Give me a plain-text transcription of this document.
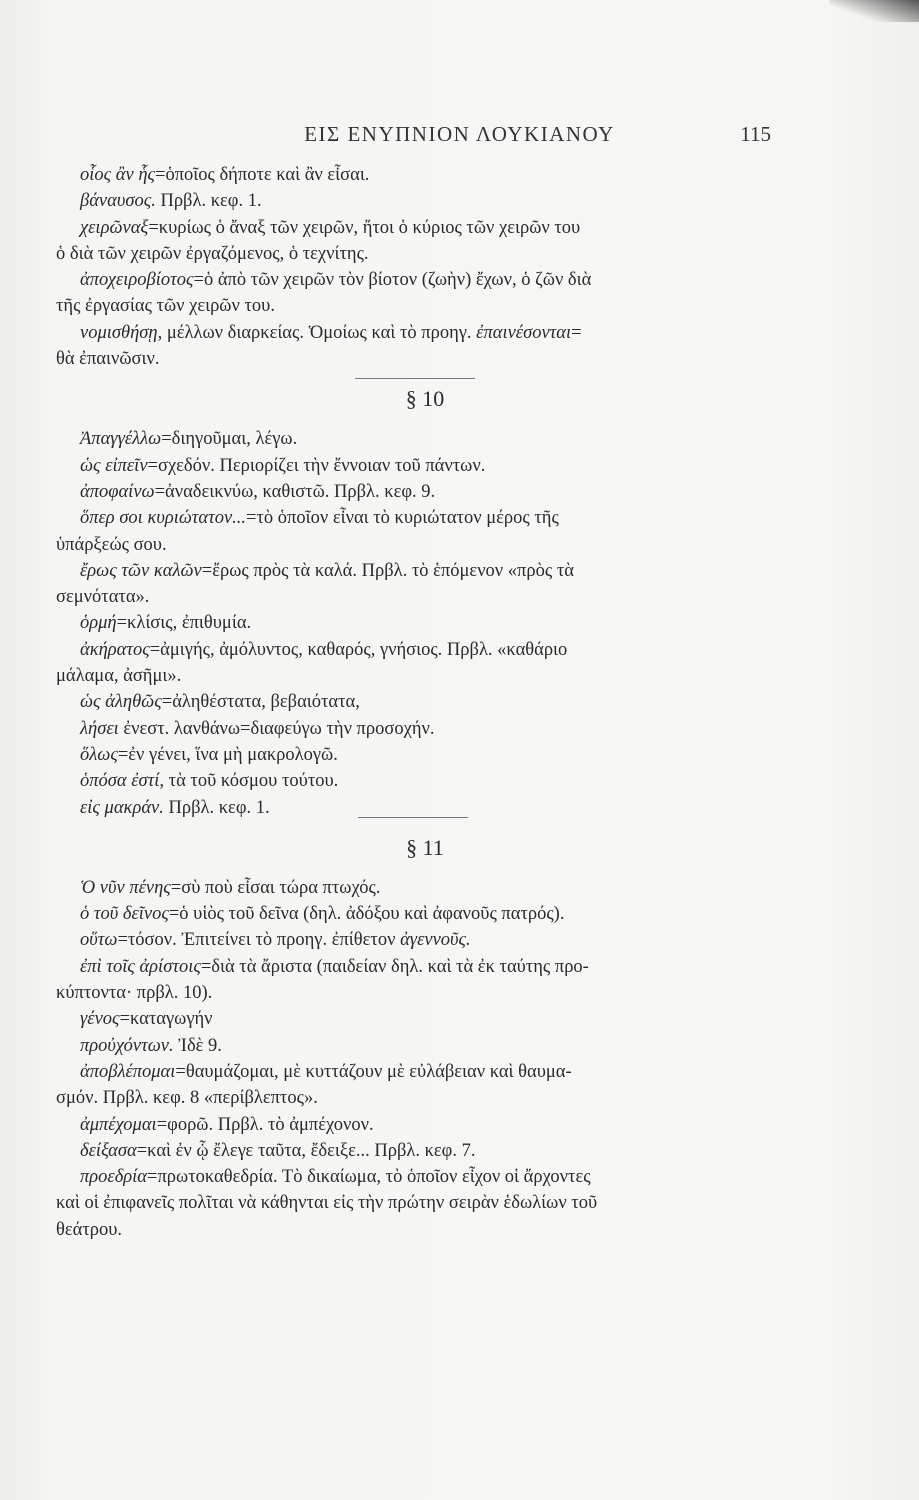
ΕΙΣ ΕΝΥΠΝΙΟΝ ΛΟΥΚΙΑΝΟΥ	115
οἷος ἂν ἧς=ὁποῖος δήποτε καὶ ἂν εἶσαι.
βάναυσος. Πρβλ. κεφ. 1.
χειρῶναξ=κυρίως ὁ ἄναξ τῶν χειρῶν, ἤτοι ὁ κύριος τῶν χειρῶν του
ὁ διὰ τῶν χειρῶν ἐργαζόμενος, ὁ τεχνίτης.
ἀποχειροβίοτος=ὁ ἀπὸ τῶν χειρῶν τὸν βίοτον (ζωὴν) ἔχων, ὁ ζῶν διὰ
τῆς ἐργασίας τῶν χειρῶν του.
νομισθήσῃ, μέλλων διαρκείας. Ὁμοίως καὶ τὸ προηγ. ἐπαινέσονται=
θὰ ἐπαινῶσιν.
§ 10
Ἀπαγγέλλω=διηγοῦμαι, λέγω.
ὡς εἰπεῖν=σχεδόν. Περιορίζει τὴν ἔννοιαν τοῦ πάντων.
ἀποφαίνω=ἀναδεικνύω, καθιστῶ. Πρβλ. κεφ. 9.
ὅπερ σοι κυριώτατον...=τὸ ὁποῖον εἶναι τὸ κυριώτατον μέρος τῆς
ὑπάρξεώς σου.
ἔρως τῶν καλῶν=ἔρως πρὸς τὰ καλά. Πρβλ. τὸ ἑπόμενον «πρὸς τὰ
σεμνότατα».
ὁρμή=κλίσις, ἐπιθυμία.
ἀκήρατος=ἀμιγής, ἀμόλυντος, καθαρός, γνήσιος. Πρβλ. «καθάριο
μάλαμα, ἀσῆμι».
ὡς ἀληθῶς=ἀληθέστατα, βεβαιότατα,
λήσει ἐνεστ. λανθάνω=διαφεύγω τὴν προσοχήν.
ὅλως=ἐν γένει, ἵνα μὴ μακρολογῶ.
ὁπόσα ἐστί, τὰ τοῦ κόσμου τούτου.
εἰς μακράν. Πρβλ. κεφ. 1.
§ 11
Ὁ νῦν πένης=σὺ ποὺ εἶσαι τώρα πτωχός.
ὁ τοῦ δεῖνος=ὁ υἱὸς τοῦ δεῖνα (δηλ. ἀδόξου καὶ ἀφανοῦς πατρός).
οὕτω=τόσον. Ἐπιτείνει τὸ προηγ. ἐπίθετον ἀγεννοῦς.
ἐπὶ τοῖς ἀρίστοις=διὰ τὰ ἄριστα (παιδείαν δηλ. καὶ τὰ ἐκ ταύτης προ-
κύπτοντα· πρβλ. 10).
γένος=καταγωγήν
προὐχόντων. Ἰδὲ 9.
ἀποβλέπομαι=θαυμάζομαι, μὲ κυττάζουν μὲ εὐλάβειαν καὶ θαυμα-
σμόν. Πρβλ. κεφ. 8 «περίβλεπτος».
ἀμπέχομαι=φορῶ. Πρβλ. τὸ ἀμπέχονον.
δείξασα=καὶ ἐν ᾧ ἔλεγε ταῦτα, ἔδειξε... Πρβλ. κεφ. 7.
προεδρία=πρωτοκαθεδρία. Τὸ δικαίωμα, τὸ ὁποῖον εἶχον οἱ ἄρχοντες
καὶ οἱ ἐπιφανεῖς πολῖται νὰ κάθηνται εἰς τὴν πρώτην σειρὰν ἑδωλίων τοῦ
θεάτρου.
